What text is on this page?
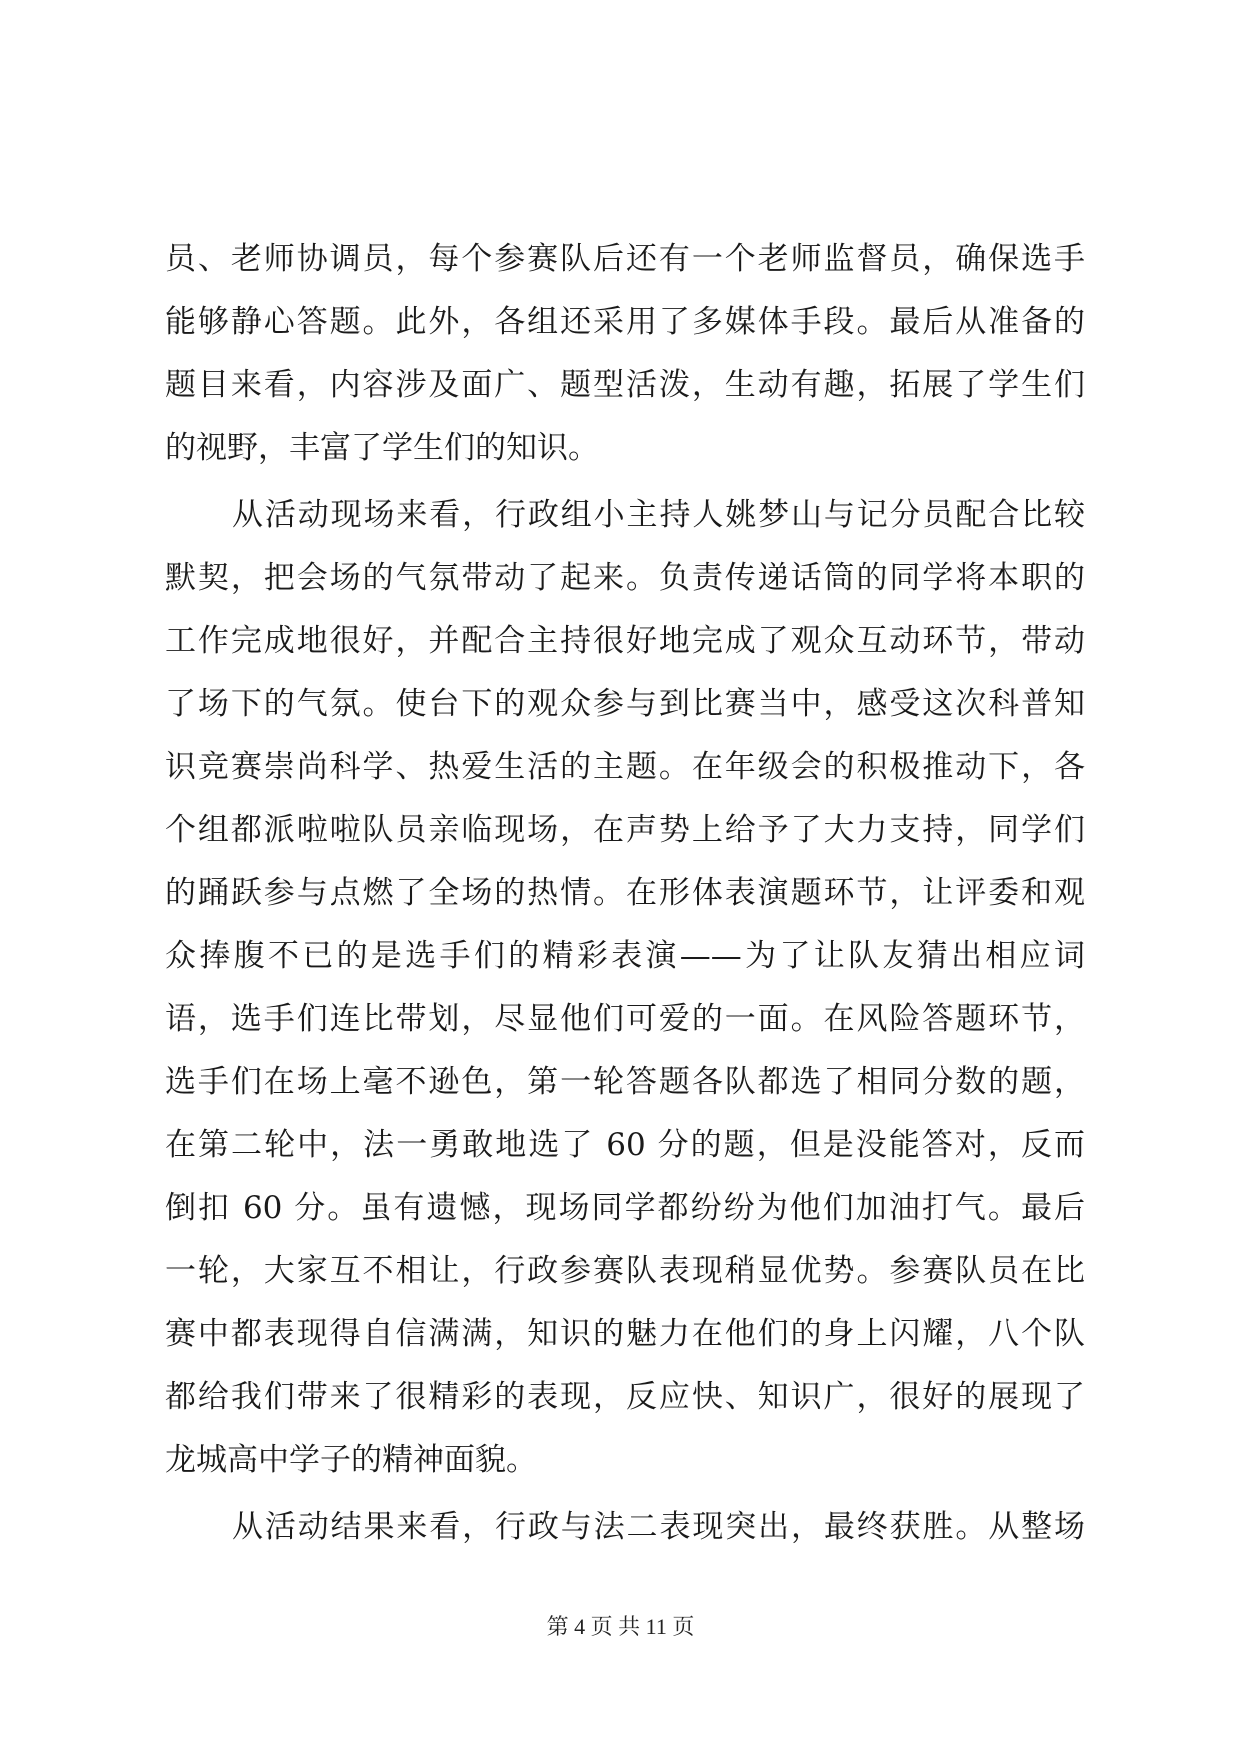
员、老师协调员，每个参赛队后还有一个老师监督员，确保选手
能够静心答题。此外，各组还采用了多媒体手段。最后从准备的
题目来看，内容涉及面广、题型活泼，生动有趣，拓展了学生们
的视野，丰富了学生们的知识。
从活动现场来看，行政组小主持人姚梦山与记分员配合比较
默契，把会场的气氛带动了起来。负责传递话筒的同学将本职的
工作完成地很好，并配合主持很好地完成了观众互动环节，带动
了场下的气氛。使台下的观众参与到比赛当中，感受这次科普知
识竞赛崇尚科学、热爱生活的主题。在年级会的积极推动下，各
个组都派啦啦队员亲临现场，在声势上给予了大力支持，同学们
的踊跃参与点燃了全场的热情。在形体表演题环节，让评委和观
众捧腹不已的是选手们的精彩表演——为了让队友猜出相应词
语，选手们连比带划，尽显他们可爱的一面。在风险答题环节，
选手们在场上毫不逊色，第一轮答题各队都选了相同分数的题，
在第二轮中，法一勇敢地选了 60 分的题，但是没能答对，反而
倒扣 60 分。虽有遗憾，现场同学都纷纷为他们加油打气。最后
一轮，大家互不相让，行政参赛队表现稍显优势。参赛队员在比
赛中都表现得自信满满，知识的魅力在他们的身上闪耀，八个队
都给我们带来了很精彩的表现，反应快、知识广，很好的展现了
龙城高中学子的精神面貌。
从活动结果来看，行政与法二表现突出，最终获胜。从整场
第 4 页 共 11 页
